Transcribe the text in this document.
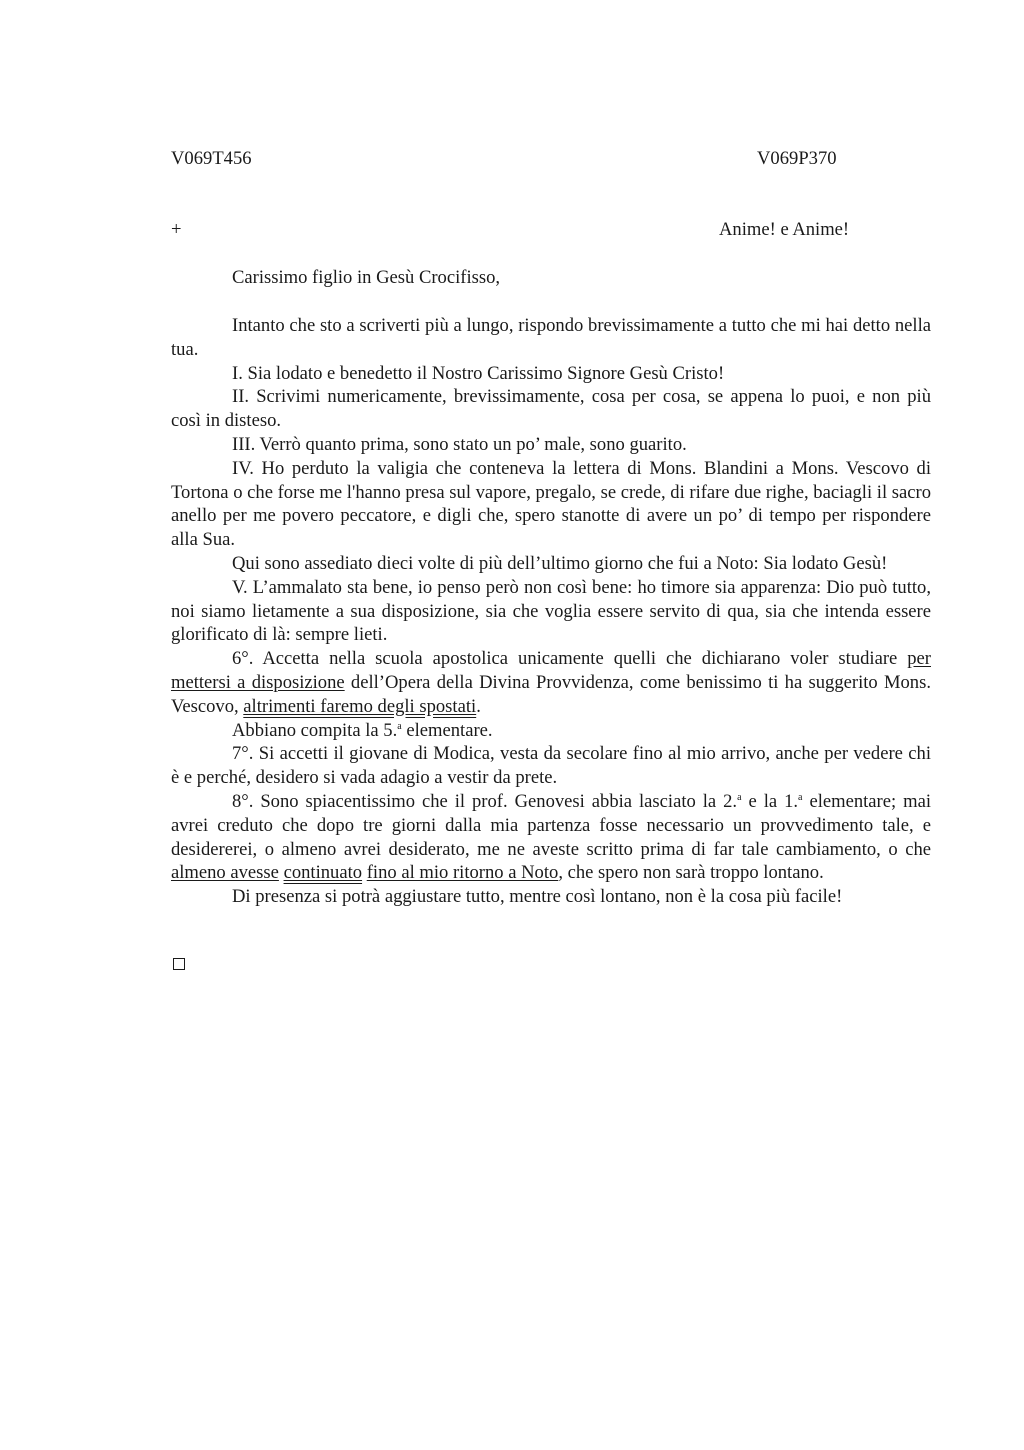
V069T456	V069P370
+	Anime! e Anime!
Carissimo figlio in Gesù Crocifisso,

Intanto che sto a scriverti più a lungo, rispondo brevissimamente a tutto che mi hai detto nella tua.

I. Sia lodato e benedetto il Nostro Carissimo Signore Gesù Cristo!

II. Scrivimi numericamente, brevissimamente, cosa per cosa, se appena lo puoi, e non più così in disteso.

III. Verrò quanto prima, sono stato un po’ male, sono guarito.

IV. Ho perduto la valigia che conteneva la lettera di Mons. Blandini a Mons. Vescovo di Tortona o che forse me l'hanno presa sul vapore, pregalo, se crede, di rifare due righe, baciagli il sacro anello per me povero peccatore, e digli che, spero stanotte di avere un po’ di tempo per rispondere alla Sua.

Qui sono assediato dieci volte di più dell’ultimo giorno che fui a Noto: Sia lodato Gesù!

V. L’ammalato sta bene, io penso però non così bene: ho timore sia apparenza: Dio può tutto, noi siamo lietamente a sua disposizione, sia che voglia essere servito di qua, sia che intenda essere glorificato di là: sempre lieti.

6°. Accetta nella scuola apostolica unicamente quelli che dichiarano voler studiare per mettersi a disposizione dell’Opera della Divina Provvidenza, come benissimo ti ha suggerito Mons. Vescovo, altrimenti faremo degli spostati.

Abbiano compita la 5.$^a$ elementare.

7°. Si accetti il giovane di Modica, vesta da secolare fino al mio arrivo, anche per vedere chi è e perché, desidero si vada adagio a vestir da prete.

8°. Sono spiacentissimo che il prof. Genovesi abbia lasciato la 2.$^a$ e la 1.$^a$ elementare; mai avrei creduto che dopo tre giorni dalla mia partenza fosse necessario un provvedimento tale, e desidererei, o almeno avrei desiderato, me ne aveste scritto prima di far tale cambiamento, o che almeno avesse continuato fino al mio ritorno a Noto, che spero non sarà troppo lontano.

Di presenza si potrà aggiustare tutto, mentre così lontano, non è la cosa più facile!
